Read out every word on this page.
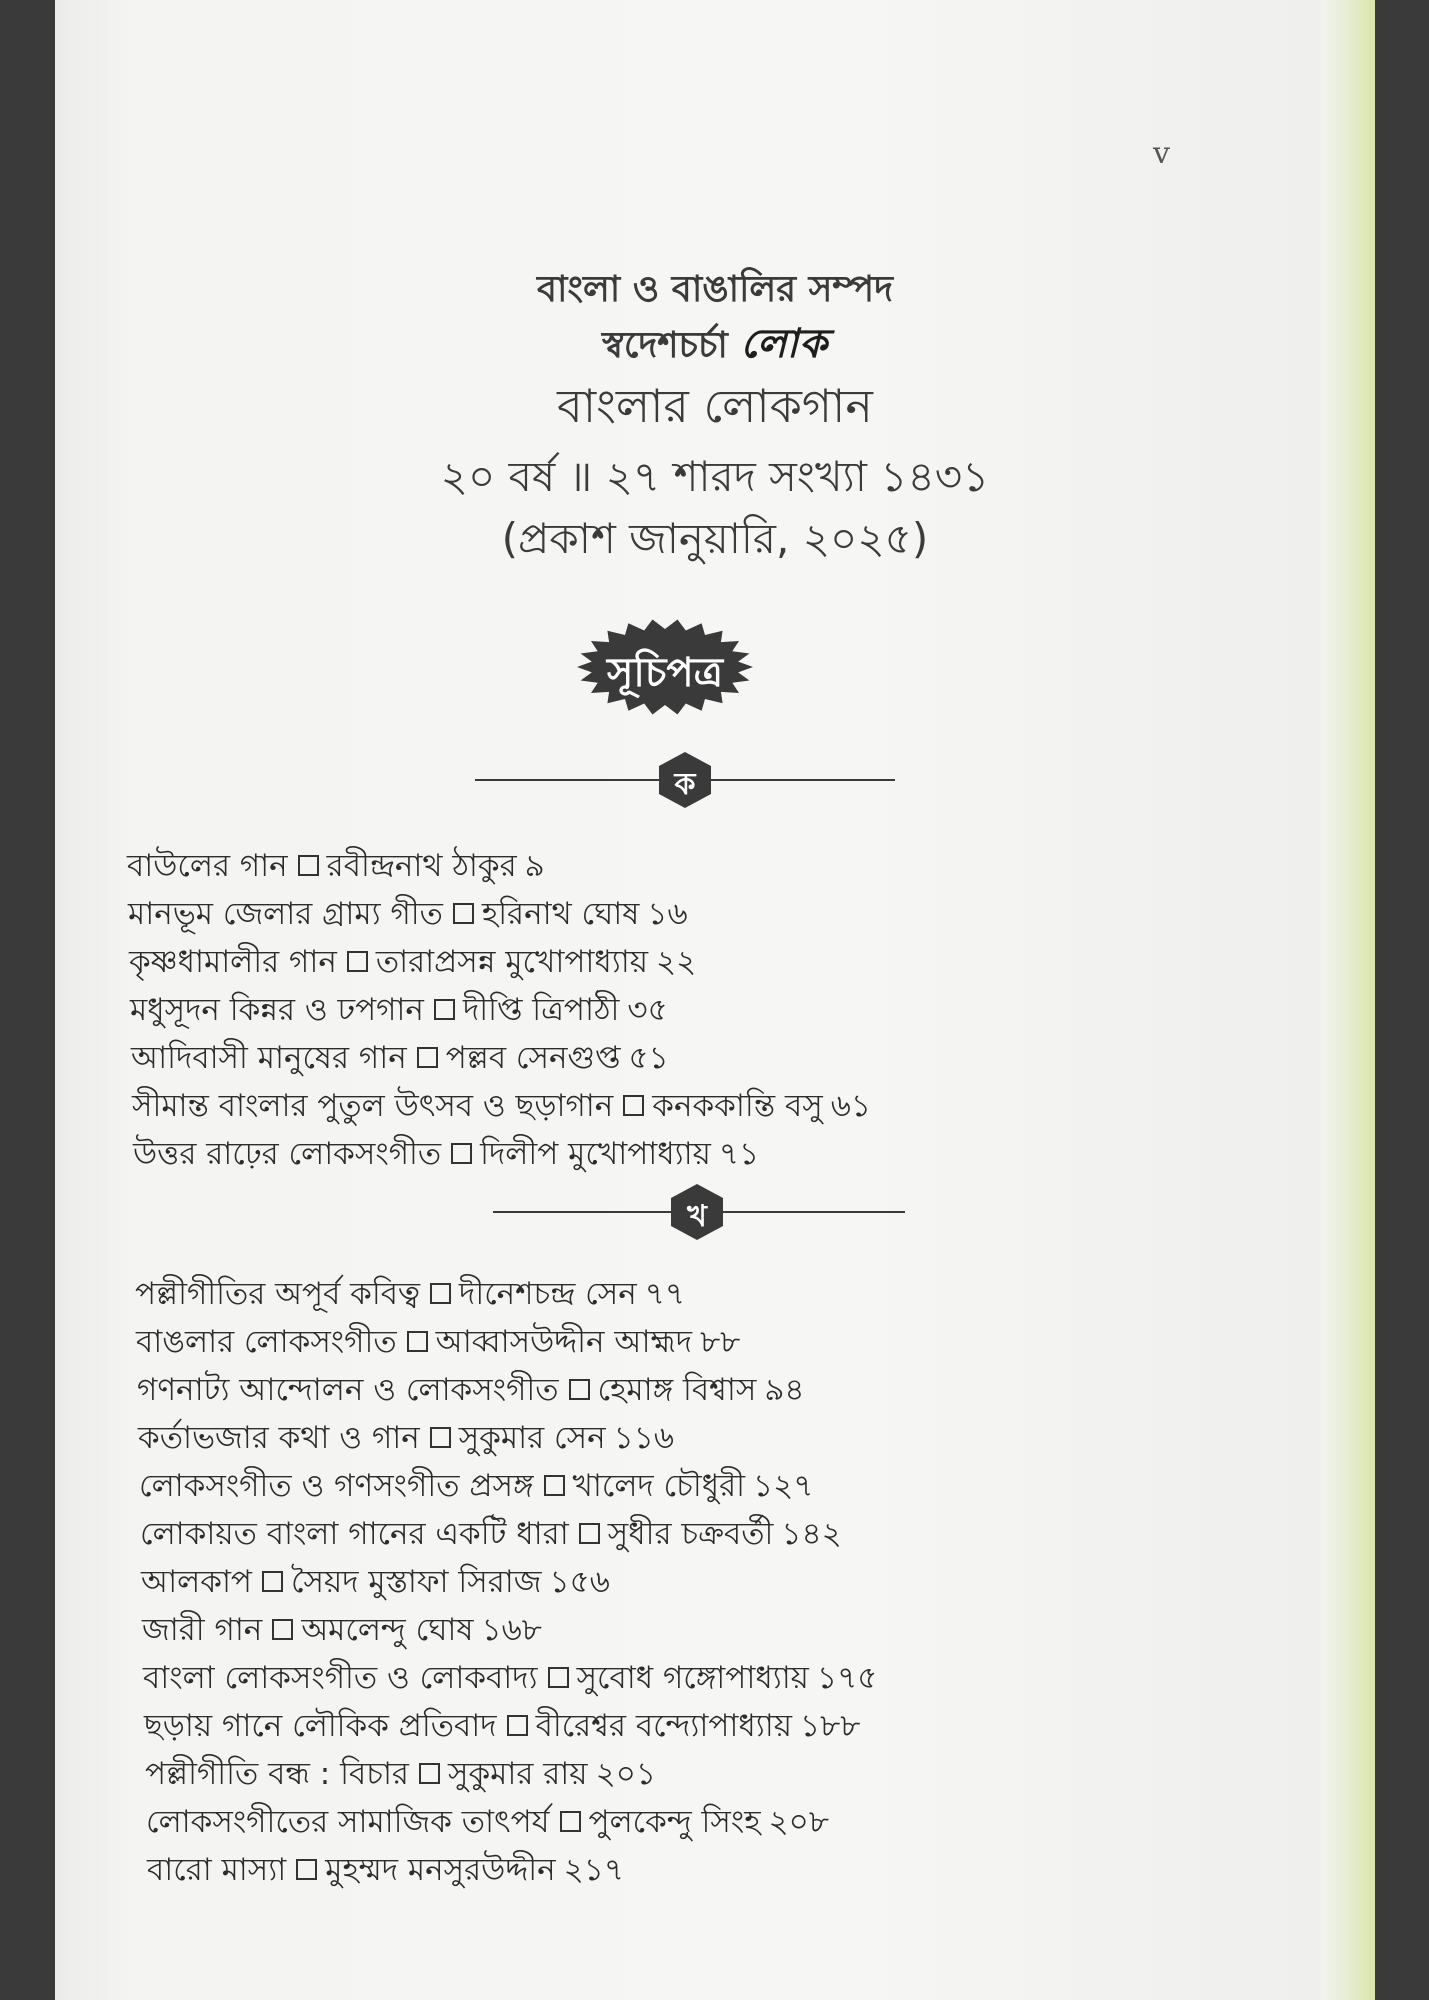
v
বাংলা ও বাঙালির সম্পদ
স্বদেশচর্চা লোক
বাংলার লোকগান
২০ বর্ষ ॥ ২৭ শারদ সংখ্যা ১৪৩১
(প্রকাশ জানুয়ারি, ২০২৫)
সূচিপত্র
ক
বাউলের গান রবীন্দ্রনাথ ঠাকুর ৯
মানভূম জেলার গ্রাম্য গীত হরিনাথ ঘোষ ১৬
কৃষ্ণধামালীর গান তারাপ্রসন্ন মুখোপাধ্যায় ২২
মধুসূদন কিন্নর ও ঢপগান দীপ্তি ত্রিপাঠী ৩৫
আদিবাসী মানুষের গান পল্লব সেনগুপ্ত ৫১
সীমান্ত বাংলার পুতুল উৎসব ও ছড়াগান কনককান্তি বসু ৬১
উত্তর রাঢ়ের লোকসংগীত দিলীপ মুখোপাধ্যায় ৭১
খ
পল্লীগীতির অপূর্ব কবিত্ব দীনেশচন্দ্র সেন ৭৭
বাঙলার লোকসংগীত আব্বাসউদ্দীন আহ্মদ ৮৮
গণনাট্য আন্দোলন ও লোকসংগীত হেমাঙ্গ বিশ্বাস ৯৪
কর্তাভজার কথা ও গান সুকুমার সেন ১১৬
লোকসংগীত ও গণসংগীত প্রসঙ্গ খালেদ চৌধুরী ১২৭
লোকায়ত বাংলা গানের একটি ধারা সুধীর চক্রবর্তী ১৪২
আলকাপ সৈয়দ মুস্তাফা সিরাজ ১৫৬
জারী গান অমলেন্দু ঘোষ ১৬৮
বাংলা লোকসংগীত ও লোকবাদ্য সুবোধ গঙ্গোপাধ্যায় ১৭৫
ছড়ায় গানে লৌকিক প্রতিবাদ বীরেশ্বর বন্দ্যোপাধ্যায় ১৮৮
পল্লীগীতি বন্ধ : বিচার সুকুমার রায় ২০১
লোকসংগীতের সামাজিক তাৎপর্য পুলকেন্দু সিংহ ২০৮
বারো মাস্যা মুহম্মদ মনসুরউদ্দীন ২১৭
